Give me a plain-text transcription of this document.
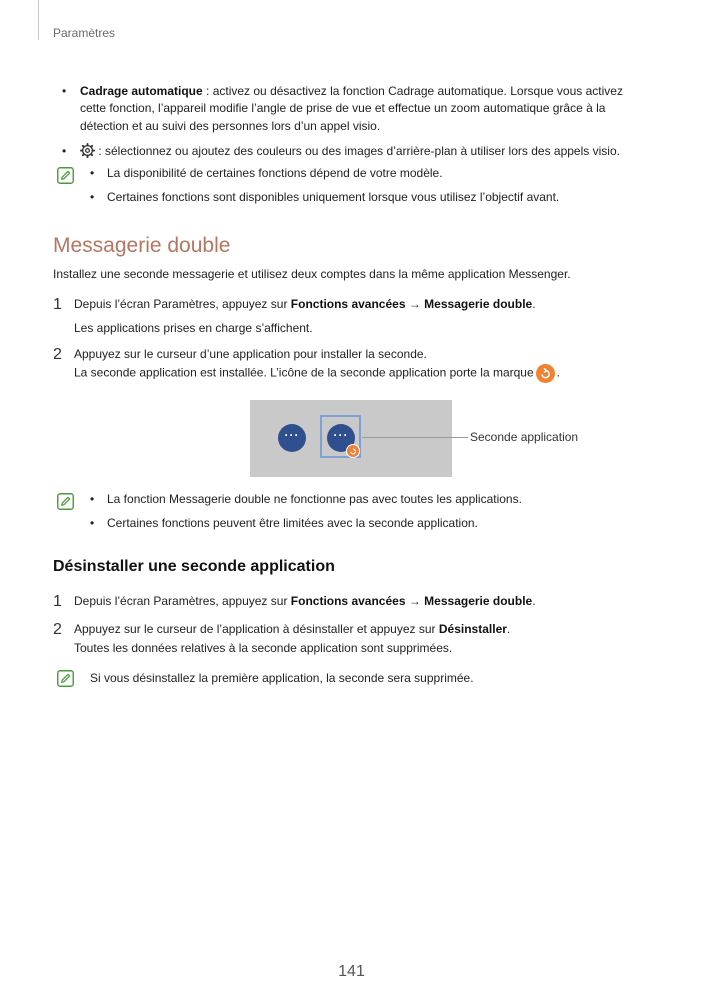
Paramètres
• Cadrage automatique : activez ou désactivez la fonction Cadrage automatique. Lorsque vous activez
cette fonction, l’appareil modifie l’angle de prise de vue et effectue un zoom automatique grâce à la
détection et au suivi des personnes lors d’un appel visio.
•	: sélectionnez ou ajoutez des couleurs ou des images d’arrière-plan à utiliser lors des appels visio.
• La disponibilité de certaines fonctions dépend de votre modèle.
• Certaines fonctions sont disponibles uniquement lorsque vous utilisez l’objectif avant.
Messagerie double
Installez une seconde messagerie et utilisez deux comptes dans la même application Messenger.
1 Depuis l’écran Paramètres, appuyez sur Fonctions avancées → Messagerie double.
Les applications prises en charge s’affichent.
2 Appuyez sur le curseur d’une application pour installer la seconde.
La seconde application est installée. L’icône de la seconde application porte la marque .
···	···	Seconde application
• La fonction Messagerie double ne fonctionne pas avec toutes les applications.
• Certaines fonctions peuvent être limitées avec la seconde application.
Désinstaller une seconde application
1 Depuis l’écran Paramètres, appuyez sur Fonctions avancées → Messagerie double.
2 Appuyez sur le curseur de l’application à désinstaller et appuyez sur Désinstaller.
Toutes les données relatives à la seconde application sont supprimées.
Si vous désinstallez la première application, la seconde sera supprimée.
141
